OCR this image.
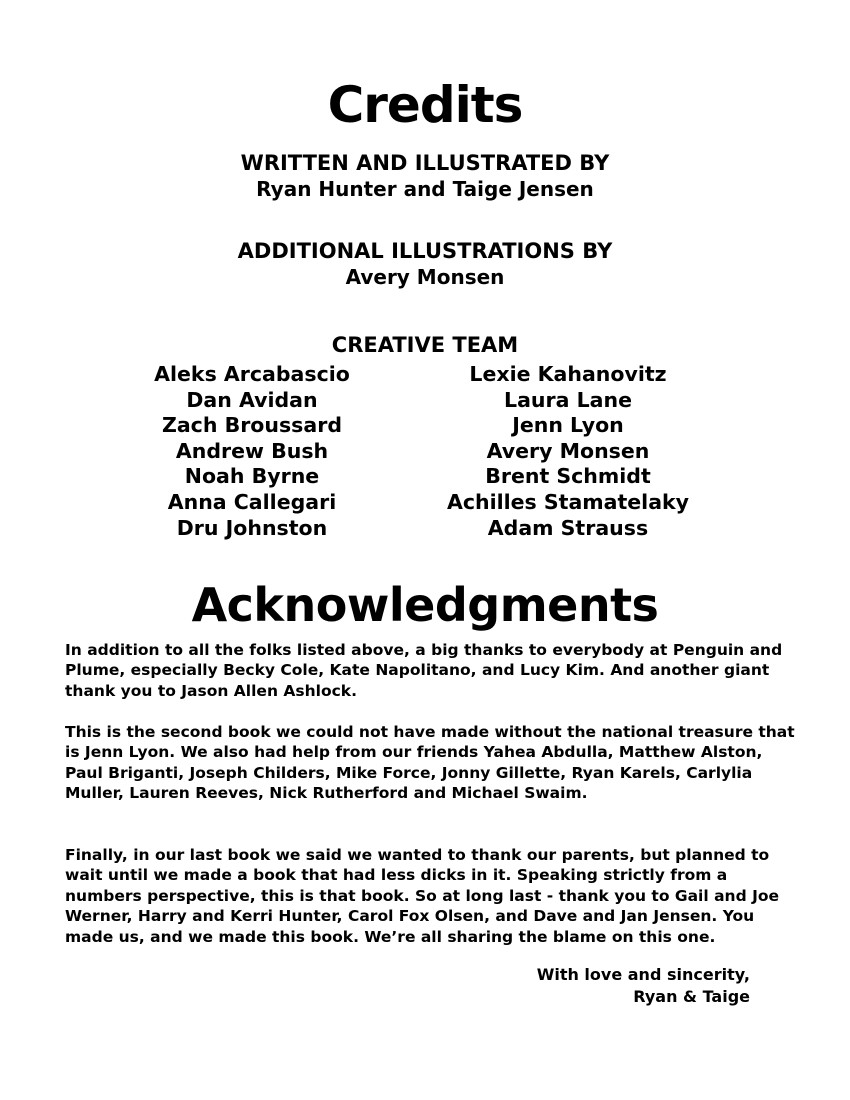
Credits
WRITTEN AND ILLUSTRATED BY
Ryan Hunter and Taige Jensen
ADDITIONAL ILLUSTRATIONS BY
Avery Monsen
CREATIVE TEAM
Aleks Arcabascio
Dan Avidan
Zach Broussard
Andrew Bush
Noah Byrne
Anna Callegari
Dru Johnston
Lexie Kahanovitz
Laura Lane
Jenn Lyon
Avery Monsen
Brent Schmidt
Achilles Stamatelaky
Adam Strauss
Acknowledgments

In addition to all the folks listed above, a big thanks to everybody at Penguin and Plume, especially Becky Cole, Kate Napolitano, and Lucy Kim. And another giant thank you to Jason Allen Ashlock.

This is the second book we could not have made without the national treasure that is Jenn Lyon. We also had help from our friends Yahea Abdulla, Matthew Alston, Paul Briganti, Joseph Childers, Mike Force, Jonny Gillette, Ryan Karels, Carlylia Muller, Lauren Reeves, Nick Rutherford and Michael Swaim.

Finally, in our last book we said we wanted to thank our parents, but planned to wait until we made a book that had less dicks in it. Speaking strictly from a numbers perspective, this is that book. So at long last - thank you to Gail and Joe Werner, Harry and Kerri Hunter, Carol Fox Olsen, and Dave and Jan Jensen. You made us, and we made this book. We’re all sharing the blame on this one.

With love and sincerity,
Ryan & Taige
